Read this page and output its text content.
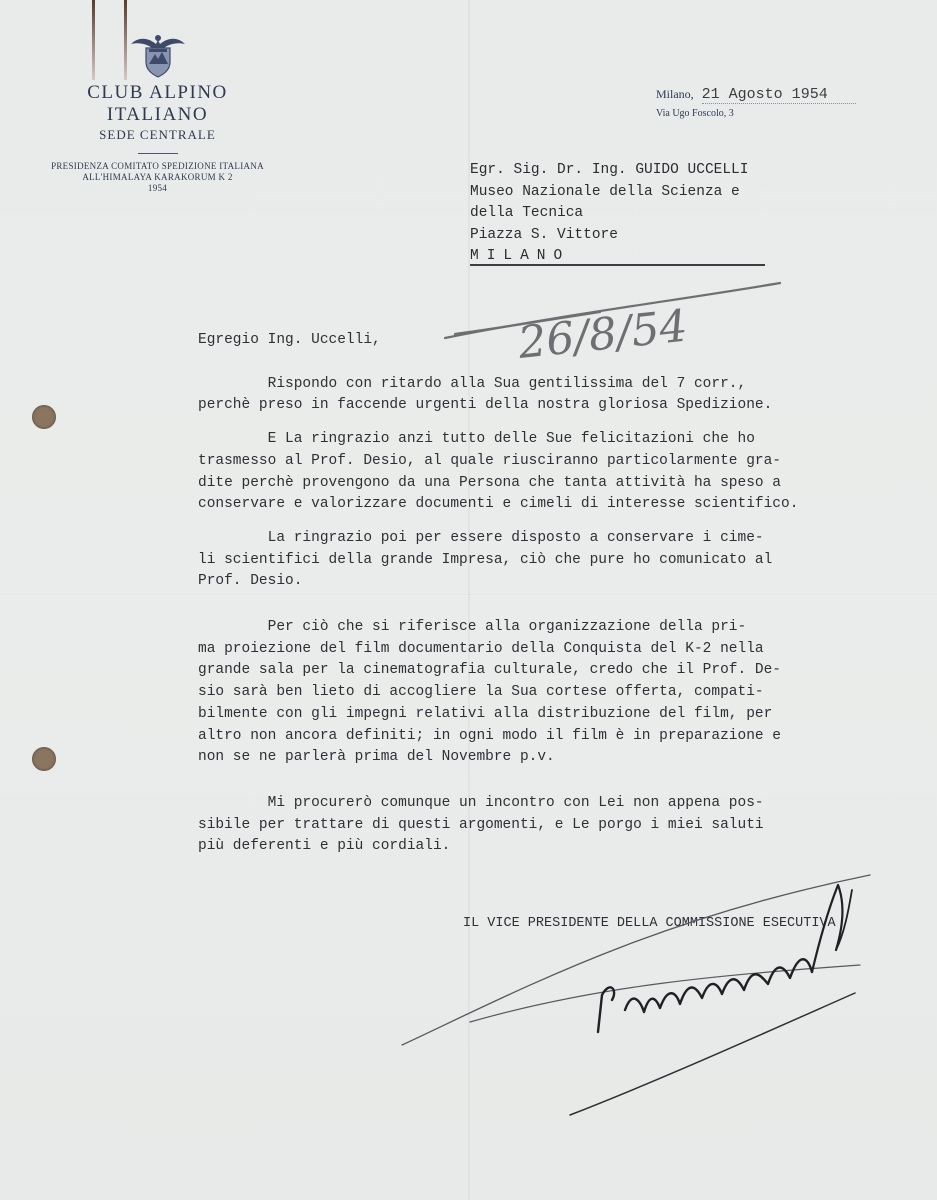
CLUB ALPINO ITALIANO
SEDE CENTRALE
PRESIDENZA COMITATO SPEDIZIONE ITALIANA
ALL'HIMALAYA KARAKORUM K 2
1954
Milano, 21 Agosto 1954
Via Ugo Foscolo, 3
Egr. Sig. Dr. Ing. GUIDO UCCELLI
Museo Nazionale della Scienza e
della Tecnica
Piazza S. Vittore
MILANO
Egregio Ing. Uccelli,

Rispondo con ritardo alla Sua gentilissima del 7 corr.,
perchè preso in faccende urgenti della nostra gloriosa Spedizione.

E La ringrazio anzi tutto delle Sue felicitazioni che ho
trasmesso al Prof. Desio, al quale riusciranno particolarmente gra-
dite perchè provengono da una Persona che tanta attività ha speso a
conservare e valorizzare documenti e cimeli di interesse scientifico.

La ringrazio poi per essere disposto a conservare i cime-
li scientifici della grande Impresa, ciò che pure ho comunicato al
Prof. Desio.

Per ciò che si riferisce alla organizzazione della pri-
ma proiezione del film documentario della Conquista del K-2 nella
grande sala per la cinematografia culturale, credo che il Prof. De-
sio sarà ben lieto di accogliere la Sua cortese offerta, compati-
bilmente con gli impegni relativi alla distribuzione del film, per
altro non ancora definiti; in ogni modo il film è in preparazione e
non se ne parlerà prima del Novembre p.v.

Mi procurerò comunque un incontro con Lei non appena pos-
sibile per trattare di questi argomenti, e Le porgo i miei saluti
più deferenti e più cordiali.

IL VICE PRESIDENTE DELLA COMMISSIONE ESECUTIVA
26/8/54
